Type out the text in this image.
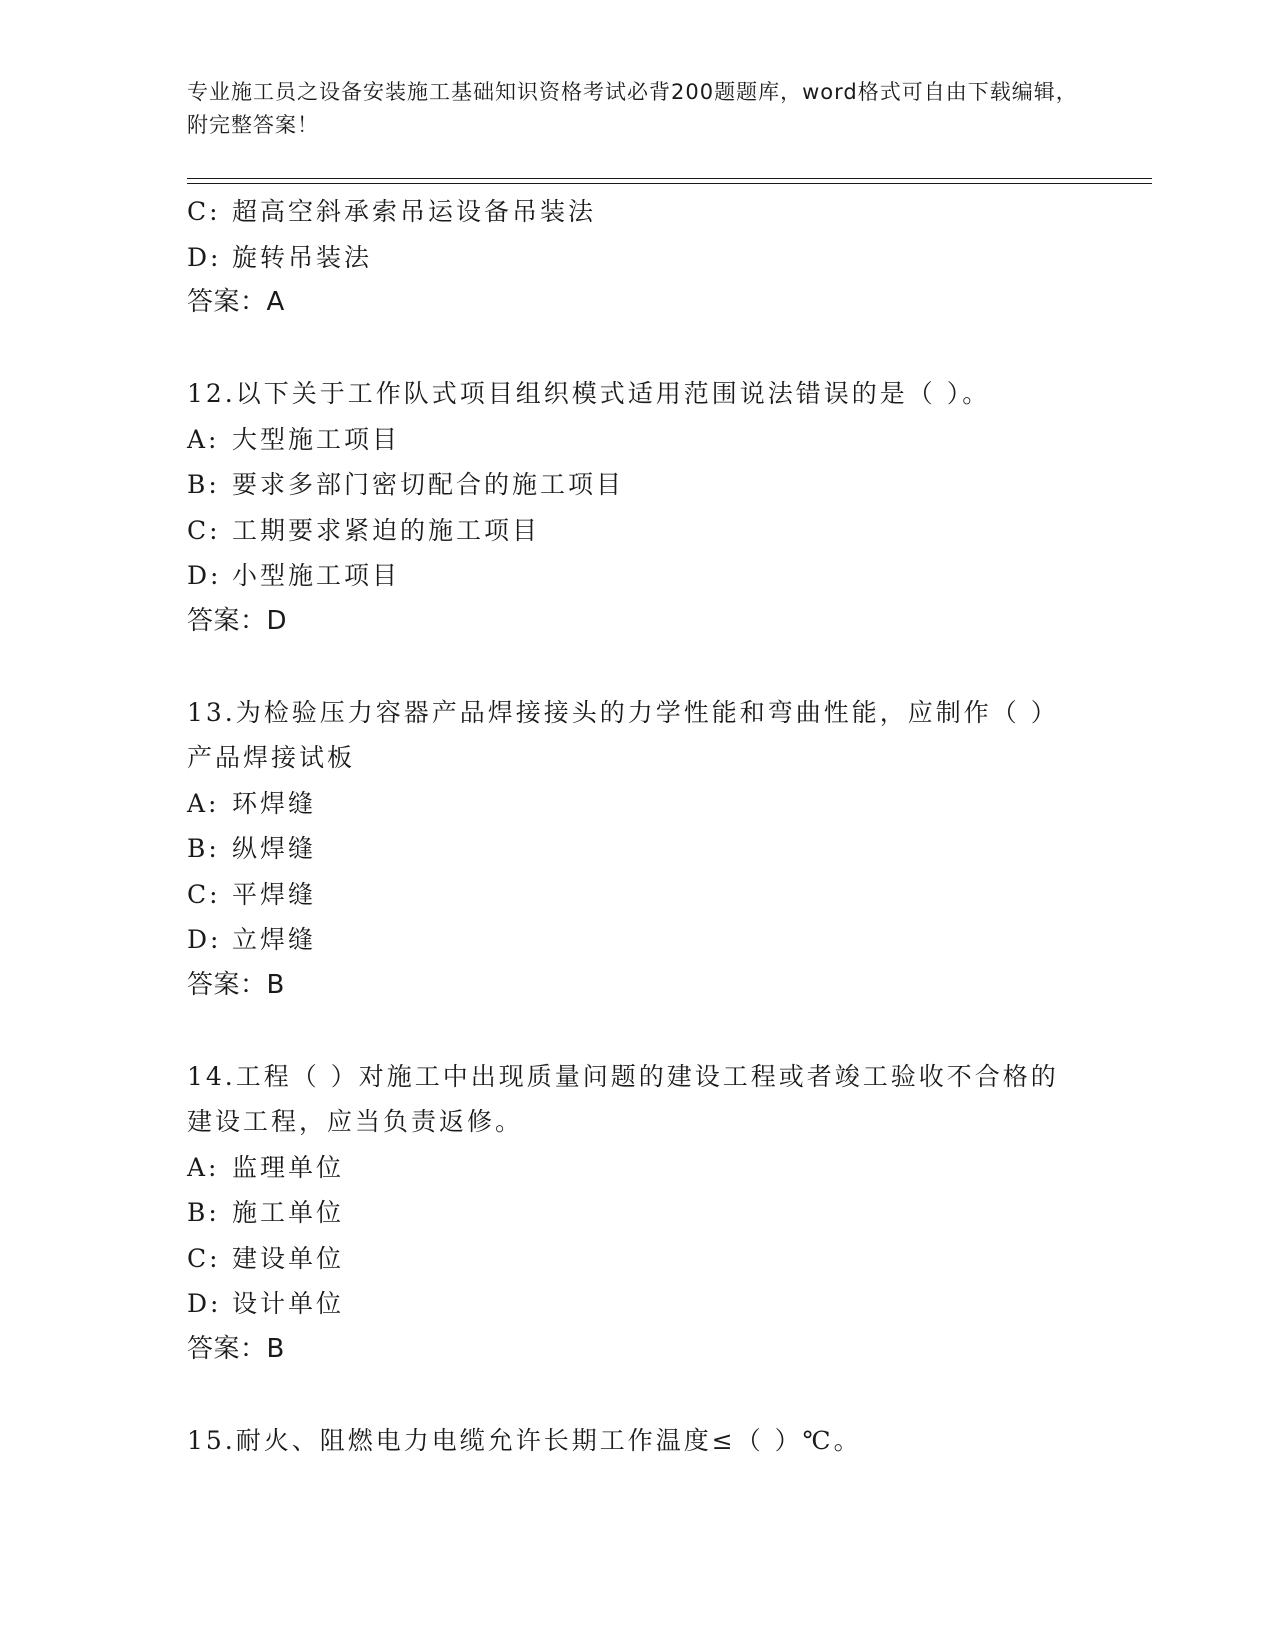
专业施工员之设备安装施工基础知识资格考试必背200题题库，word格式可自由下载编辑，附完整答案！
C: 超高空斜承索吊运设备吊装法
D: 旋转吊装法
答案：A
12.以下关于工作队式项目组织模式适用范围说法错误的是（ ）。
A: 大型施工项目
B: 要求多部门密切配合的施工项目
C: 工期要求紧迫的施工项目
D: 小型施工项目
答案：D
13.为检验压力容器产品焊接接头的力学性能和弯曲性能，应制作（ ）产品焊接试板
A: 环焊缝
B: 纵焊缝
C: 平焊缝
D: 立焊缝
答案：B
14.工程（ ）对施工中出现质量问题的建设工程或者竣工验收不合格的建设工程，应当负责返修。
A: 监理单位
B: 施工单位
C: 建设单位
D: 设计单位
答案：B
15.耐火、阻燃电力电缆允许长期工作温度≤（ ）℃。
